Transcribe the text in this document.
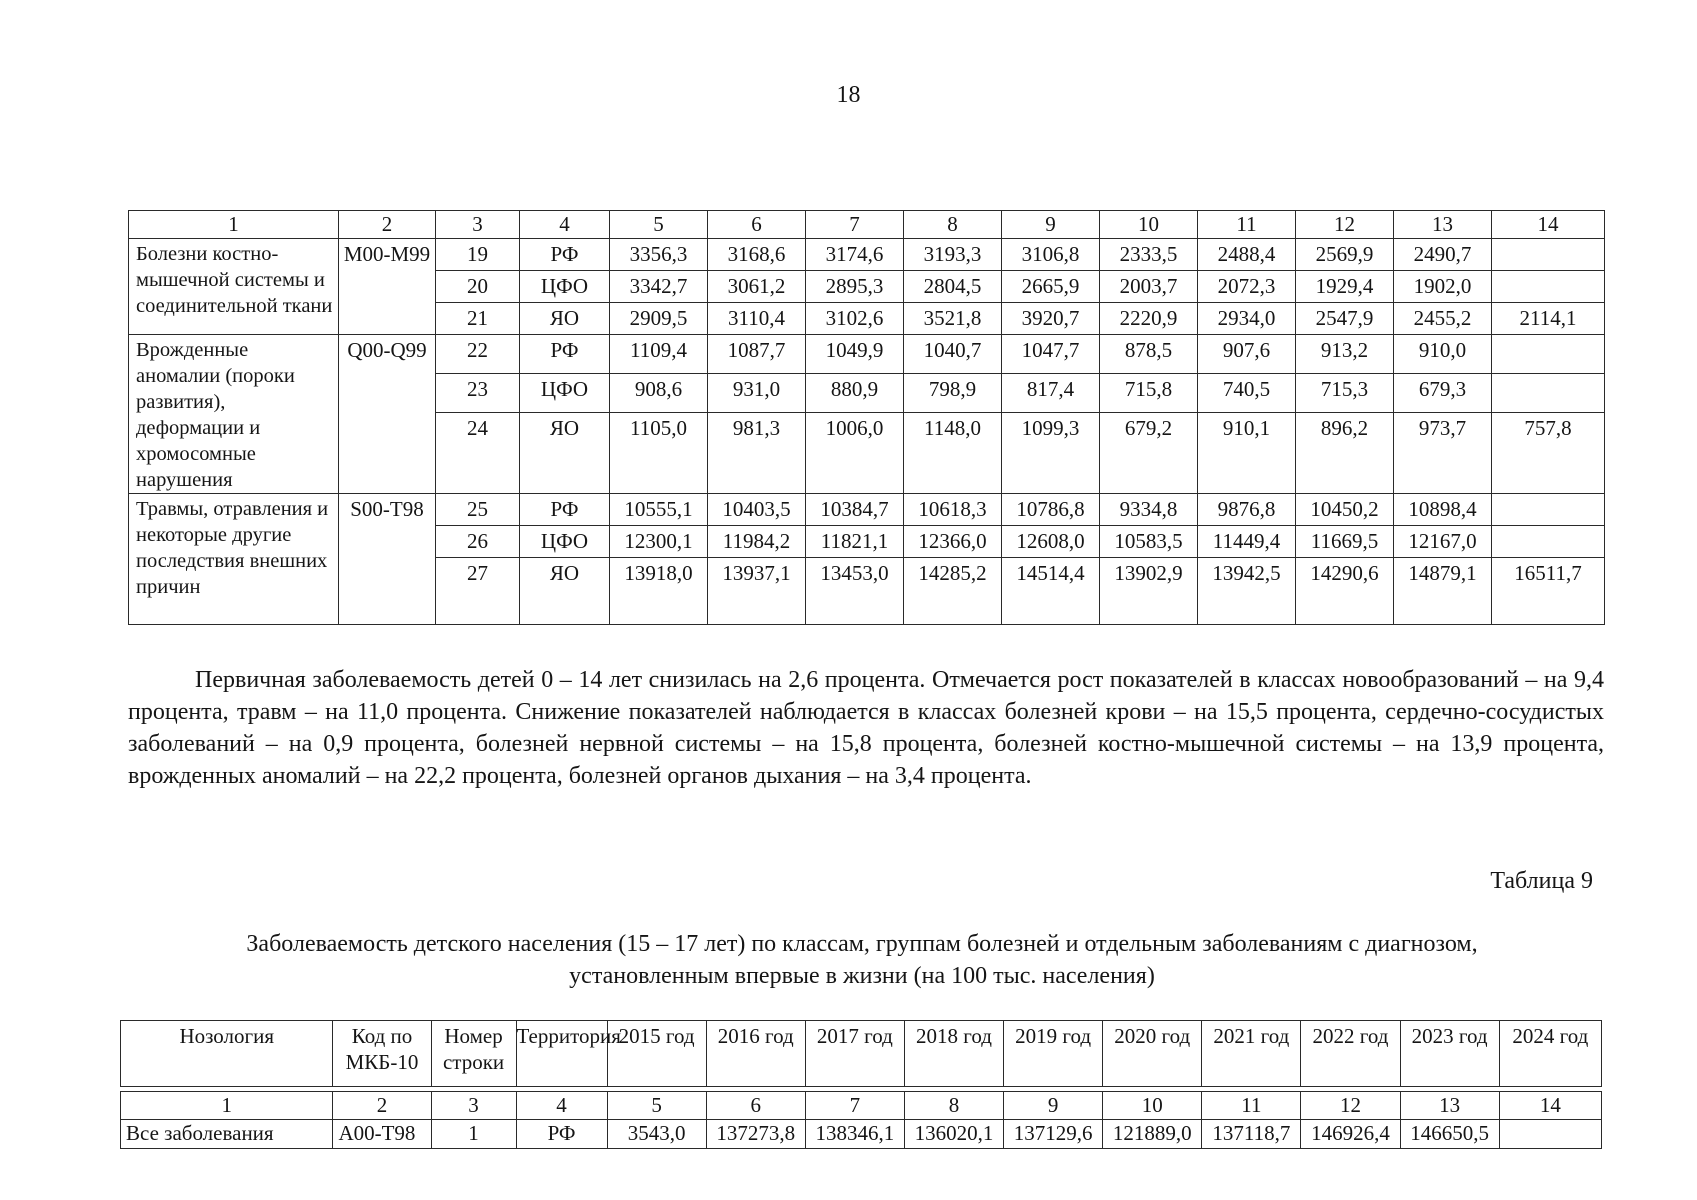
18
1	2	3	4	5	6	7	8	9	10	11	12	13	14
Болезни костно-мышечной системы и соединительной ткани	M00-​M99	19	РФ	3356,3	3168,6	3174,6	3193,3	3106,8	2333,5	2488,4	2569,9	2490,7	
		20	ЦФО	3342,7	3061,2	2895,3	2804,5	2665,9	2003,7	2072,3	1929,4	1902,0	
		21	ЯО	2909,5	3110,4	3102,6	3521,8	3920,7	2220,9	2934,0	2547,9	2455,2	2114,1
Врожденные аномалии (пороки развития), деформации и хромосомные нарушения	Q00-​Q99	22	РФ	1109,4	1087,7	1049,9	1040,7	1047,7	878,5	907,6	913,2	910,0	
		23	ЦФО	908,6	931,0	880,9	798,9	817,4	715,8	740,5	715,3	679,3	
		24	ЯО	1105,0	981,3	1006,0	1148,0	1099,3	679,2	910,1	896,2	973,7	757,8
Травмы, отравления и некоторые другие последствия внешних причин	S00-​T98	25	РФ	10555,1	10403,5	10384,7	10618,3	10786,8	9334,8	9876,8	10450,2	10898,4	
		26	ЦФО	12300,1	11984,2	11821,1	12366,0	12608,0	10583,5	11449,4	11669,5	12167,0	
		27	ЯО	13918,0	13937,1	13453,0	14285,2	14514,4	13902,9	13942,5	14290,6	14879,1	16511,7
Первичная заболеваемость детей 0 – 14 лет снизилась на 2,6 процента. Отмечается рост показателей в классах новообразований – на 9,4 процента, травм – на 11,0 процента. Снижение показателей наблюдается в классах болезней крови – на 15,5 процента, сердечно-сосудистых заболеваний – на 0,9 процента, болезней нервной системы – на 15,8 процента, болезней костно-мышечной системы – на 13,9 процента, врожденных аномалий – на 22,2 процента, болезней органов дыхания – на 3,4 процента.
Таблица 9
Заболеваемость детского населения (15 – 17 лет) по классам, группам болезней и отдельным заболеваниям с диагнозом,
установленным впервые в жизни (на 100 тыс. населения)
Нозология	Код по МКБ-10	Номер строки	Территория	2015 год	2016 год	2017 год	2018 год	2019 год	2020 год	2021 год	2022 год	2023 год	2024 год

1	2	3	4	5	6	7	8	9	10	11	12	13	14
Все заболевания	A00-T98	1	РФ	3543,0	137273,8	138346,1	136020,1	137129,6	121889,0	137118,7	146926,4	146650,5	
